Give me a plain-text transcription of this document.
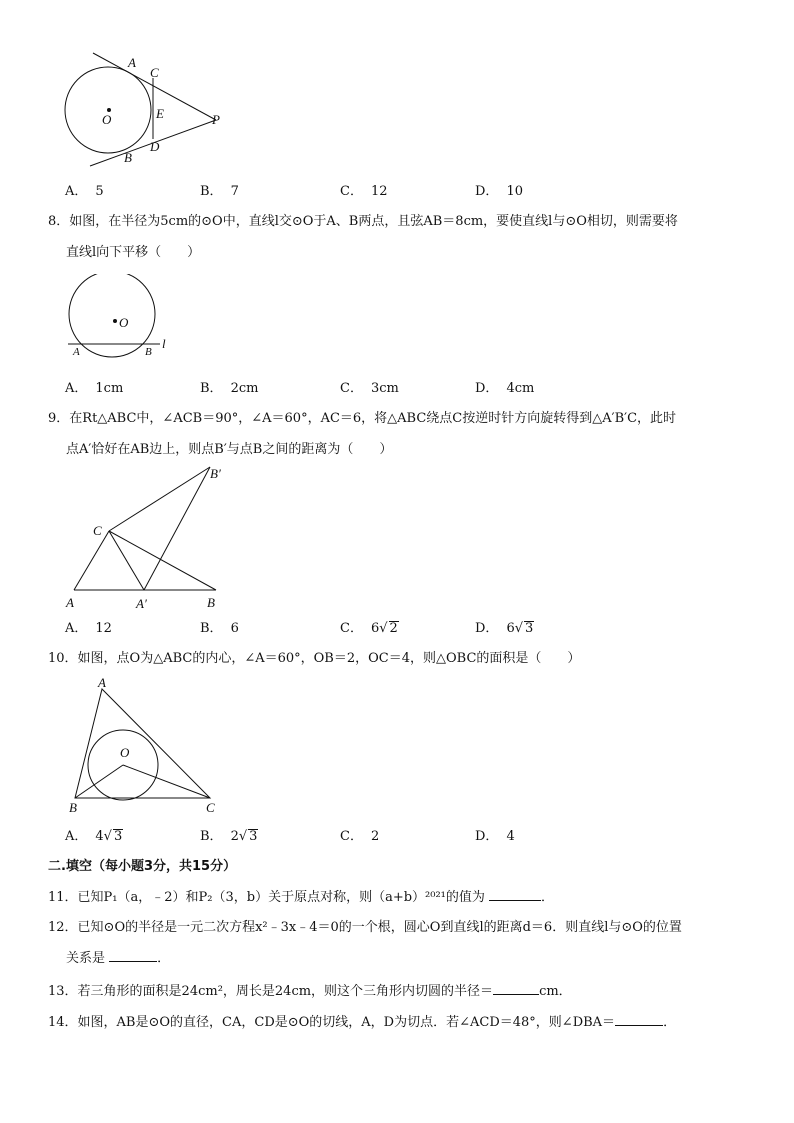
A
C
O	E	P
B
D
A． 5	B． 7	C． 12	D． 10
8．如图，在半径为5cm的⊙O中，直线l交⊙O于A、B两点，且弦AB＝8cm，要使直线l与⊙O相切，则需要将
直线l向下平移（　　）
O
A	B
l
A． 1cm	B． 2cm	C． 3cm	D． 4cm
9．在Rt△ABC中，∠ACB＝90°，∠A＝60°，AC＝6，将△ABC绕点C按逆时针方向旋转得到△A′B′C，此时
点A′恰好在AB边上，则点B′与点B之间的距离为（　　）
B′
C
A	A′	B
A． 12	B． 6	C． 6√ 2	D． 6√ 3
10．如图，点O为△ABC的内心，∠A＝60°，OB＝2，OC＝4，则△OBC的面积是（　　）
A
O
B	C
A． 4√ 3	B． 2√ 3	C． 2	D． 4
二.填空（每小题3分，共15分）
11．已知P₁（a，﹣2）和P₂（3，b）关于原点对称，则（a+b）²⁰²¹的值为	．
12．已知⊙O的半径是一元二次方程x²﹣3x﹣4＝0的一个根，圆心O到直线l的距离d＝6．则直线l与⊙O的位置
关系是	．
13．若三角形的面积是24cm²，周长是24cm，则这个三角形内切圆的半径＝	cm．
14．如图，AB是⊙O的直径，CA，CD是⊙O的切线，A，D为切点．若∠ACD＝48°，则∠DBA＝	．
